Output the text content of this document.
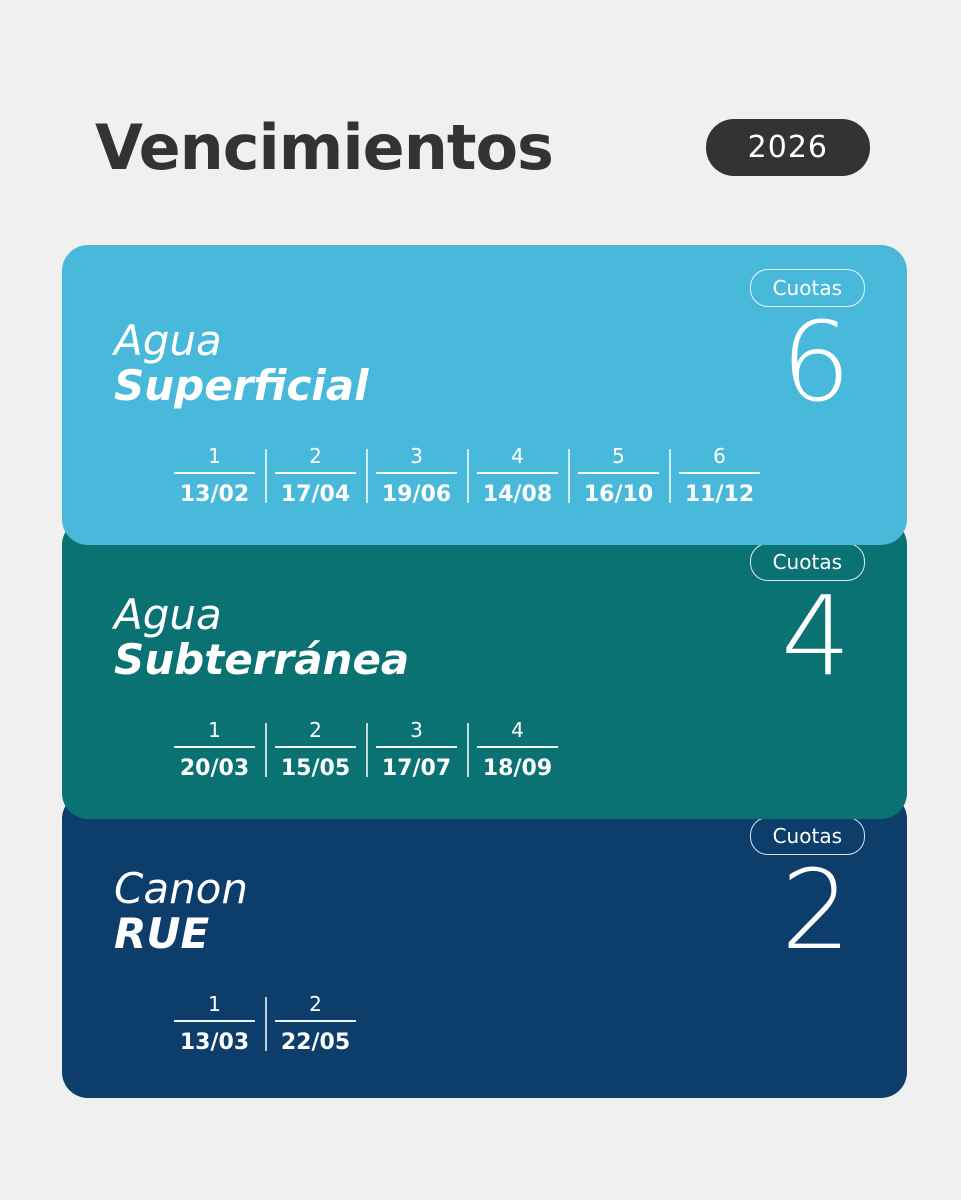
Vencimientos	2026
Cuotas
6
Agua
Superficial
1
13/02
2
17/04
3
19/06
4
14/08
5
16/10
6
11/12
Cuotas
4
Agua
Subterránea
1
20/03
2
15/05
3
17/07
4
18/09
Cuotas
2
Canon
RUE
1
13/03
2
22/05
